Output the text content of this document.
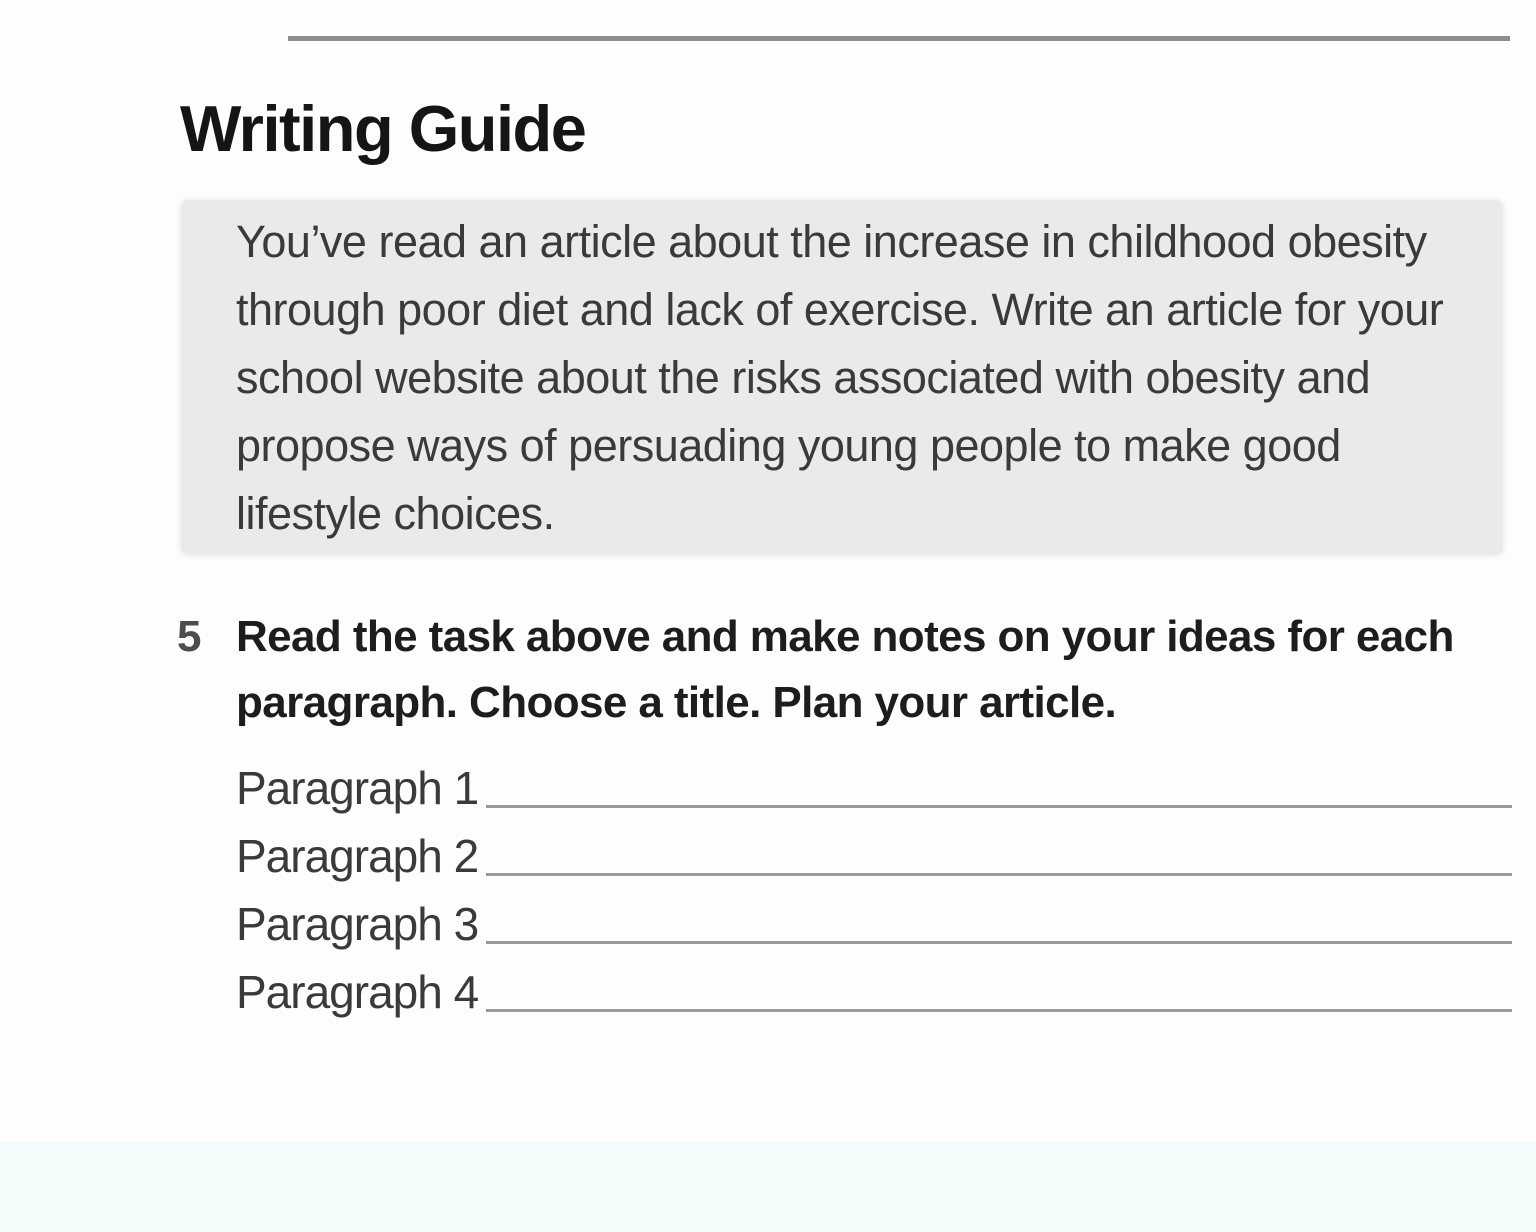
Writing Guide

You’ve read an article about the increase in childhood obesity through poor diet and lack of exercise. Write an article for your school website about the risks associated with obesity and propose ways of persuading young people to make good lifestyle choices.

5 Read the task above and make notes on your ideas for each paragraph. Choose a title. Plan your article.

Paragraph 1
Paragraph 2
Paragraph 3
Paragraph 4
